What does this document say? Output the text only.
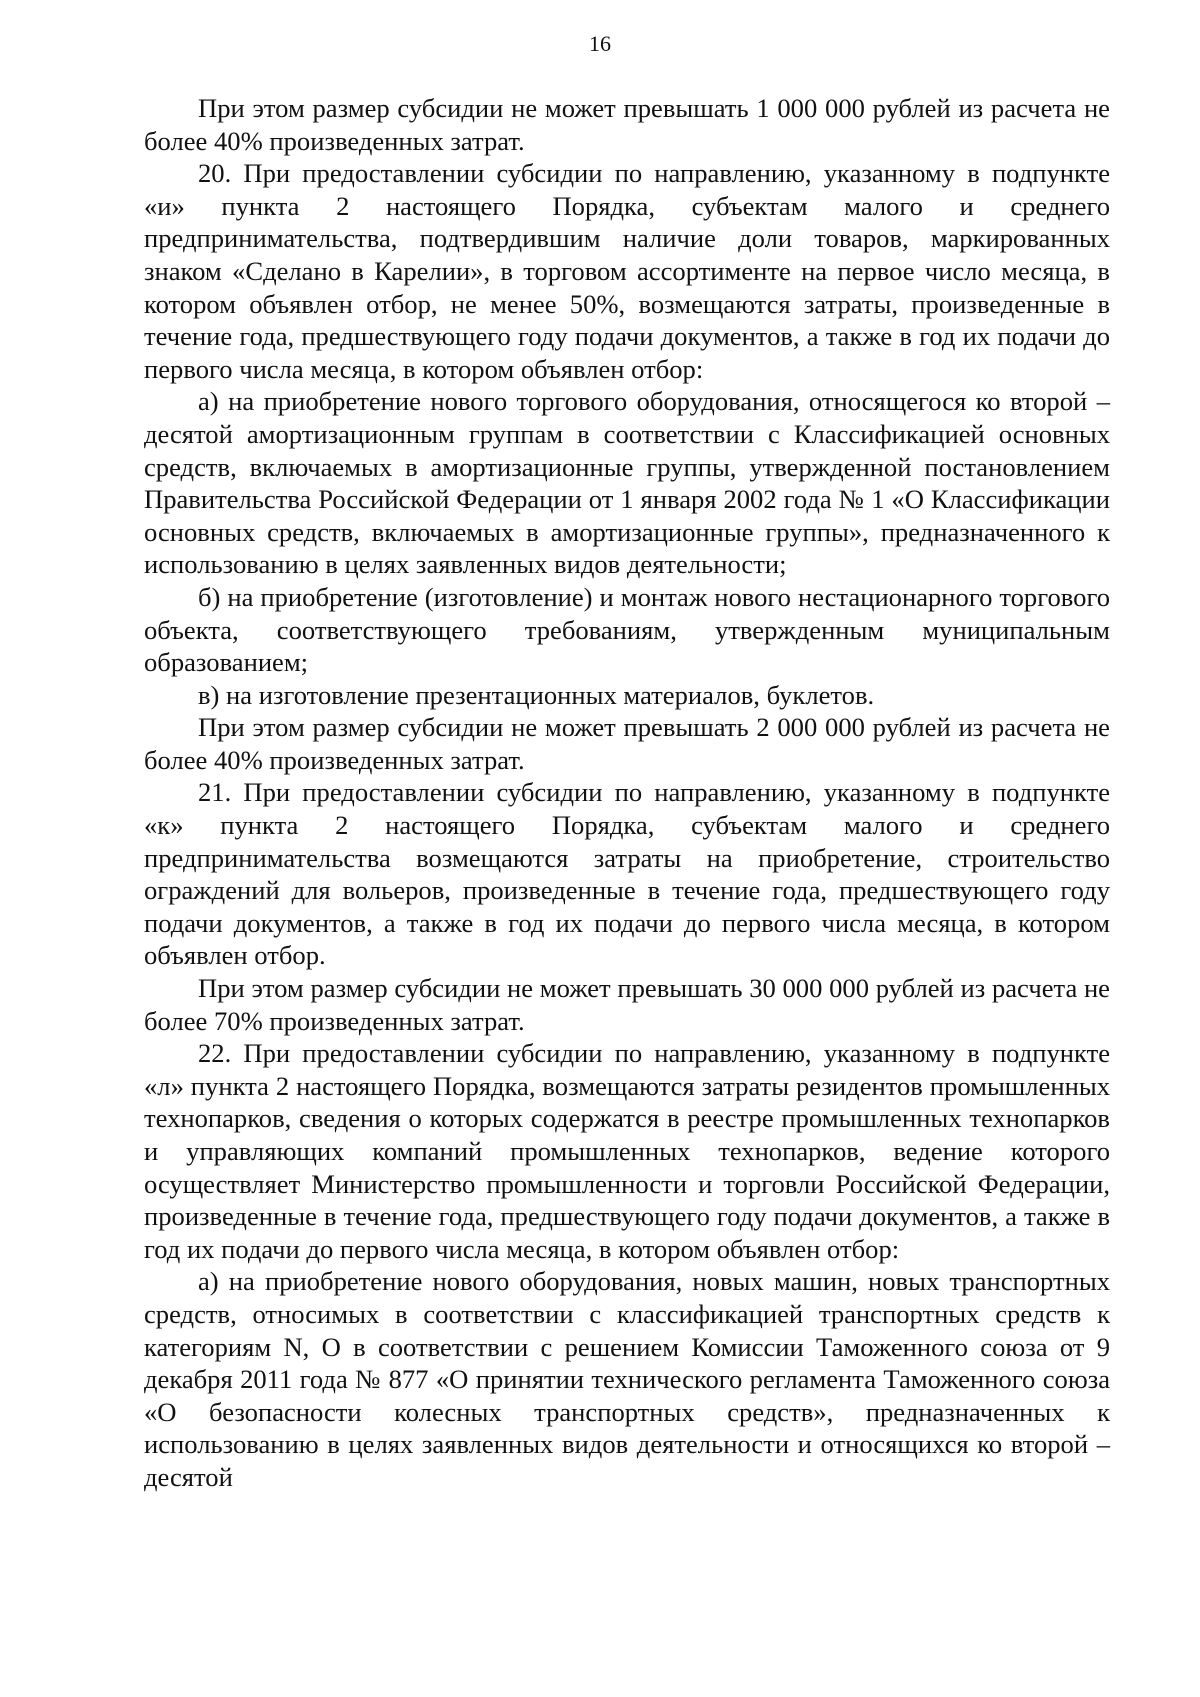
16

При этом размер субсидии не может превышать 1 000 000 рублей из расчета не более 40% произведенных затрат.

20. При предоставлении субсидии по направлению, указанному в подпункте «и» пункта 2 настоящего Порядка, субъектам малого и среднего предпринимательства, подтвердившим наличие доли товаров, маркированных знаком «Сделано в Карелии», в торговом ассортименте на первое число месяца, в котором объявлен отбор, не менее 50%, возмещаются затраты, произведенные в течение года, предшествующего году подачи документов, а также в год их подачи до первого числа месяца, в котором объявлен отбор:

а) на приобретение нового торгового оборудования, относящегося ко второй – десятой амортизационным группам в соответствии с Классификацией основных средств, включаемых в амортизационные группы, утвержденной постановлением Правительства Российской Федерации от 1 января 2002 года № 1 «О Классификации основных средств, включаемых в амортизационные группы», предназначенного к использованию в целях заявленных видов деятельности;

б) на приобретение (изготовление) и монтаж нового нестационарного торгового объекта, соответствующего требованиям, утвержденным муниципальным образованием;

в) на изготовление презентационных материалов, буклетов.

При этом размер субсидии не может превышать 2 000 000 рублей из расчета не более 40% произведенных затрат.

21. При предоставлении субсидии по направлению, указанному в подпункте «к» пункта 2 настоящего Порядка, субъектам малого и среднего предпринимательства возмещаются затраты на приобретение, строительство ограждений для вольеров, произведенные в течение года, предшествующего году подачи документов, а также в год их подачи до первого числа месяца, в котором объявлен отбор.

При этом размер субсидии не может превышать 30 000 000 рублей из расчета не более 70% произведенных затрат.

22. При предоставлении субсидии по направлению, указанному в подпункте «л» пункта 2 настоящего Порядка, возмещаются затраты резидентов промышленных технопарков, сведения о которых содержатся в реестре промышленных технопарков и управляющих компаний промышленных технопарков, ведение которого осуществляет Министерство промышленности и торговли Российской Федерации, произведенные в течение года, предшествующего году подачи документов, а также в год их подачи до первого числа месяца, в котором объявлен отбор:

а) на приобретение нового оборудования, новых машин, новых транспортных средств, относимых в соответствии с классификацией транспортных средств к категориям N, O в соответствии с решением Комиссии Таможенного союза от 9 декабря 2011 года № 877 «О принятии технического регламента Таможенного союза «О безопасности колесных транспортных средств», предназначенных к использованию в целях заявленных видов деятельности и относящихся ко второй – десятой
